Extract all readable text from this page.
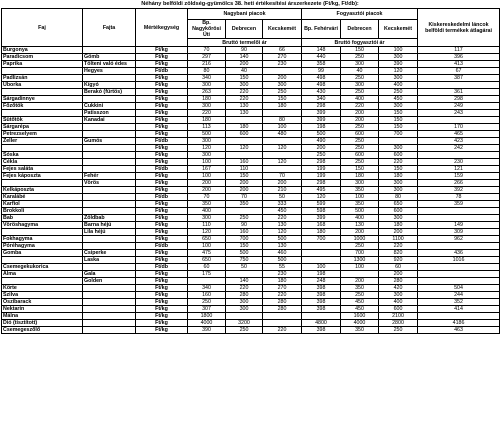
Néhány belföldi zöldség-gyümölcs 38. heti értékesítési árszerkezete (Ft/kg, Ft/db):
Faj	Fajta	Mértékegység	Nagybani piacok			Fogyasztói piacok			Kiskereskedelmi láncok belföldi termékek átlagárai
			Bp. Nagykőrösi Úti	Debrecen	Kecskemét	Bp. Fehérvári	Debrecen	Kecskemét	
			Bruttó termelői ár			Bruttó fogyasztói ár			
Burgonya		Ft/kg	70	90	66	148	150	100	117
Paradicsom	Gömb	Ft/kg	297	140	270	440	250	300	396
Paprika	Tölteni való édes	Ft/kg	216	200	230	358	300	390	413
	Hegyes	Ft/db	80	40		99	40	120	67
Padlizsán		Ft/kg	340	150	200	498	250	300	387
Uborka	Kígyó	Ft/kg	300	300	300	498	300	400	
	Berakó (fürtös)	Ft/kg	263	220	250	430	250	250	361
Sárgadinnye		Ft/kg	180	220	150	340	400	450	298
Főzőtök	Cukkini	Ft/kg	300	130	180	298	220	300	249
	Patisszon	Ft/kg	220	130		399	200	150	243
Sütőtök	Kanadai	Ft/kg	180		80	399	200	150	
Sárgarépa		Ft/kg	113	180	100	198	250	150	170
Petrezselyem		Ft/kg	500	600	480	500	600	700	465
Zeller	Gumós	Ft/db	300			490	250		423
		Ft/kg	120	120	120	200	250	300	242
Sóska		Ft/kg	300			250	600	600	
Cékla		Ft/kg	100	160	120	298	250	220	230
Fejes saláta		Ft/db	167	110		199	150	150	121
Fejes káposzta	Fehér	Ft/kg	100	150	70	199	180	180	159
	Vörös	Ft/kg	200	200	200	298	300	300	266
Kelkáposzta		Ft/kg	200	200	210	495	350	300	392
Karalábé		Ft/db	70	70	50	120	100	80	78
Karfiol		Ft/kg	350	350	333	599	350	650	359
Brokkoli		Ft/kg	400		450	598	500	600	
Bab	Zöldbab	Ft/kg	300	250	220	399	400	300	
Vöröshagyma	Barna héjú	Ft/kg	110	90	130	168	130	180	149
	Lila héjú	Ft/kg	120	160	120	180	200	200	309
Fokhagyma		Ft/kg	650	700	500	700	1000	1100	962
Póréhagyma		Ft/db	100	150	130		250	220	
Gomba	Csiperke	Ft/kg	475	500	460		700	820	436
	Laska	Ft/kg	650	750	500		1300	920	1016
Csemegekukorica		Ft/db	60	50	55	100	100	60	
Alma	Gala	Ft/kg	175		230	198		200	
	Golden	Ft/kg		140	180	248	200	280	
Körte		Ft/kg	340	220	270	398	350	420	504
Szilva		Ft/kg	160	280	220	398	250	300	244
Őszibarack		Ft/kg	250	300	280	398	450	400	352
Nektarin		Ft/kg	307	300	280	398	450	600	414
Málna		Ft/kg	1800				1600	2100	
Dió (tisztított)		Ft/kg	4000	3200		4800	4000	2800	4186
Csemegeszőlő		Ft/kg	390	250	220	398	350	250	463
